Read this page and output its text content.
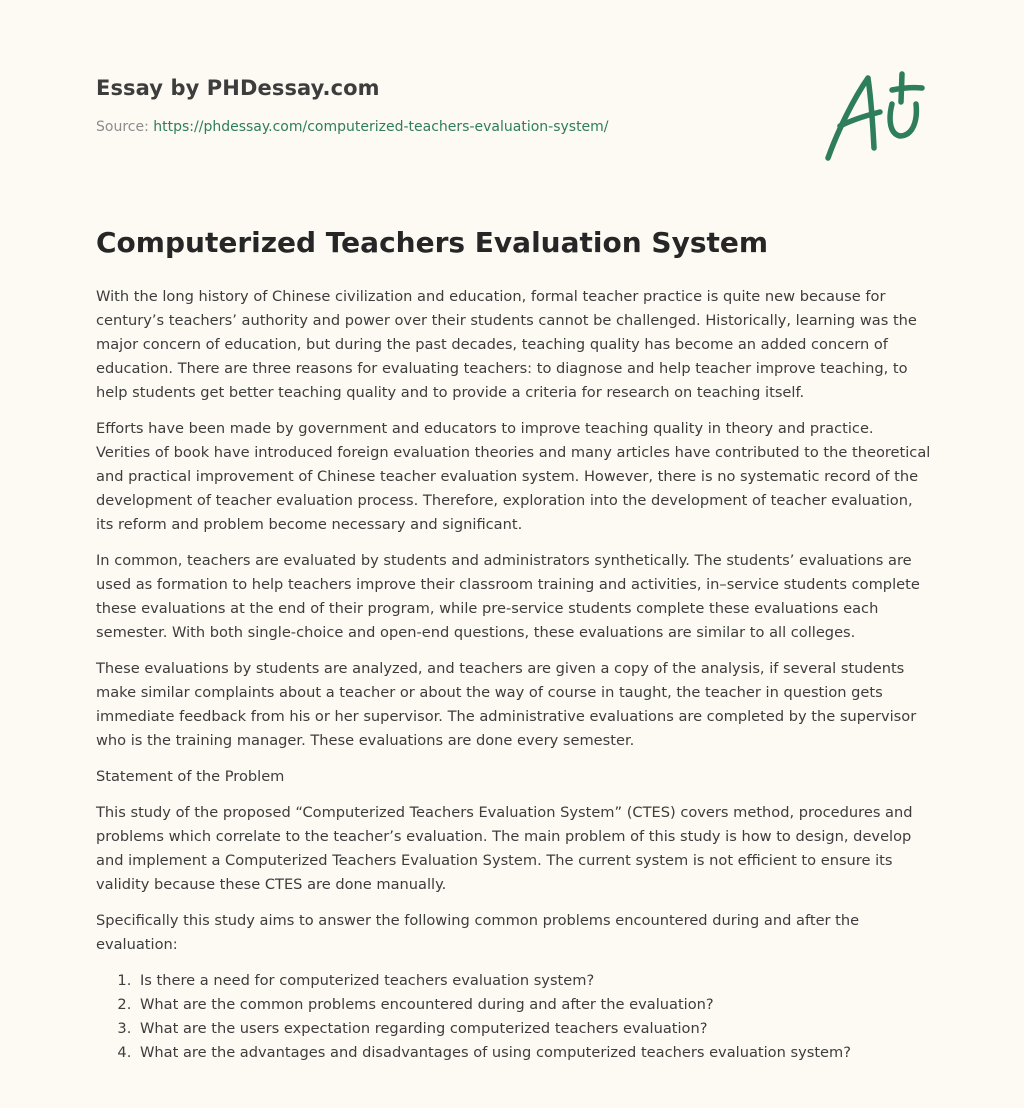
Essay by PHDessay.com
Source: https://phdessay.com/computerized-teachers-evaluation-system/
Computerized Teachers Evaluation System

With the long history of Chinese civilization and education, formal teacher practice is quite new because for century’s teachers’ authority and power over their students cannot be challenged. Historically, learning was the major concern of education, but during the past decades, teaching quality has become an added concern of education. There are three reasons for evaluating teachers: to diagnose and help teacher improve teaching, to help students get better teaching quality and to provide a criteria for research on teaching itself.

Efforts have been made by government and educators to improve teaching quality in theory and practice. Verities of book have introduced foreign evaluation theories and many articles have contributed to the theoretical and practical improvement of Chinese teacher evaluation system. However, there is no systematic record of the development of teacher evaluation process. Therefore, exploration into the development of teacher evaluation, its reform and problem become necessary and significant.

In common, teachers are evaluated by students and administrators synthetically. The students’ evaluations are used as formation to help teachers improve their classroom training and activities, in–service students complete these evaluations at the end of their program, while pre-service students complete these evaluations each semester. With both single-choice and open-end questions, these evaluations are similar to all colleges.

These evaluations by students are analyzed, and teachers are given a copy of the analysis, if several students make similar complaints about a teacher or about the way of course in taught, the teacher in question gets immediate feedback from his or her supervisor. The administrative evaluations are completed by the supervisor who is the training manager. These evaluations are done every semester.

Statement of the Problem

This study of the proposed “Computerized Teachers Evaluation System” (CTES) covers method, procedures and problems which correlate to the teacher’s evaluation. The main problem of this study is how to design, develop and implement a Computerized Teachers Evaluation System. The current system is not efficient to ensure its validity because these CTES are done manually.

Specifically this study aims to answer the following common problems encountered during and after the evaluation:

1. Is there a need for computerized teachers evaluation system?
2. What are the common problems encountered during and after the evaluation?
3. What are the users expectation regarding computerized teachers evaluation?
4. What are the advantages and disadvantages of using computerized teachers evaluation system?
